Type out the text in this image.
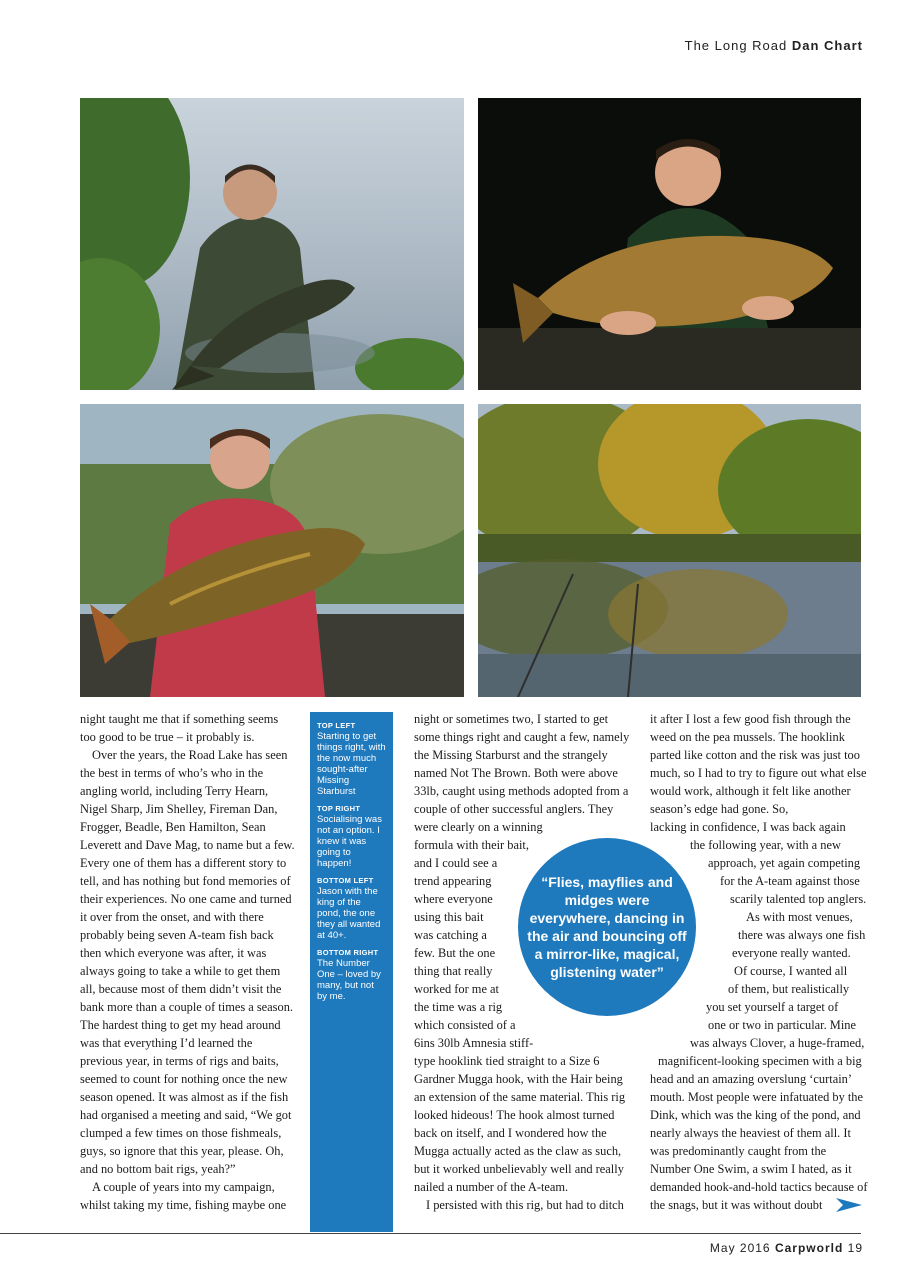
The Long Road Dan Chart

night taught me that if something seems too good to be true – it probably is.

Over the years, the Road Lake has seen the best in terms of who’s who in the angling world, including Terry Hearn, Nigel Sharp, Jim Shelley, Fireman Dan, Frogger, Beadle, Ben Hamilton, Sean Leverett and Dave Mag, to name but a few. Every one of them has a different story to tell, and has nothing but fond memories of their experiences. No one came and turned it over from the onset, and with there probably being seven A-team fish back then which everyone was after, it was always going to take a while to get them all, because most of them didn’t visit the bank more than a couple of times a season. The hardest thing to get my head around was that everything I’d learned the previous year, in terms of rigs and baits, seemed to count for nothing once the new season opened. It was almost as if the fish had organised a meeting and said, “We got clumped a few times on those fishmeals, guys, so ignore that this year, please. Oh, and no bottom bait rigs, yeah?”

A couple of years into my campaign, whilst taking my time, fishing maybe one

TOP LEFT Starting to get things right, with the now much sought-after Missing Starburst
TOP RIGHT
Socialising was not an option. I knew it was going to happen!
BOTTOM LEFT
Jason with the king of the pond, the one they all wanted at 40+.
BOTTOM RIGHT
The Number One – loved by many, but not by me.

night or sometimes two, I started to get some things right and caught a few, namely the Missing Starburst and the strangely named Not The Brown. Both were above 33lb, caught using methods adopted from a couple of other successful anglers. They were clearly on a winning

formula with their bait,

and I could see a

trend appearing

where everyone

using this bait

was catching a

few. But the one

thing that really

worked for me at

the time was a rig

which consisted of a

6ins 30lb Amnesia stiff-

type hooklink tied straight to a Size 6 Gardner Mugga hook, with the Hair being an extension of the same material. This rig looked hideous! The hook almost turned back on itself, and I wondered how the Mugga actually acted as the claw as such, but it worked unbelievably well and really nailed a number of the A-team.

I persisted with this rig, but had to ditch

it after I lost a few good fish through the weed on the pea mussels. The hooklink parted like cotton and the risk was just too much, so I had to try to figure out what else would work, although it felt like another season’s edge had gone. So,

lacking in confidence, I was back again

the following year, with a new

approach, yet again competing

for the A-team against those

scarily talented top anglers.

As with most venues,

there was always one fish

everyone really wanted.

Of course, I wanted all

of them, but realistically

you set yourself a target of

one or two in particular. Mine

was always Clover, a huge-framed,

magnificent-looking specimen with a big

head and an amazing overslung ‘curtain’ mouth. Most people were infatuated by the Dink, which was the king of the pond, and nearly always the heaviest of them all. It was predominantly caught from the Number One Swim, a swim I hated, as it demanded hook-and-hold tactics because of the snags, but it was without doubt

“Flies, mayflies and midges were everywhere, dancing in the air and bouncing off a mirror-like, magical, glistening water”
May 2016 Carpworld 19
